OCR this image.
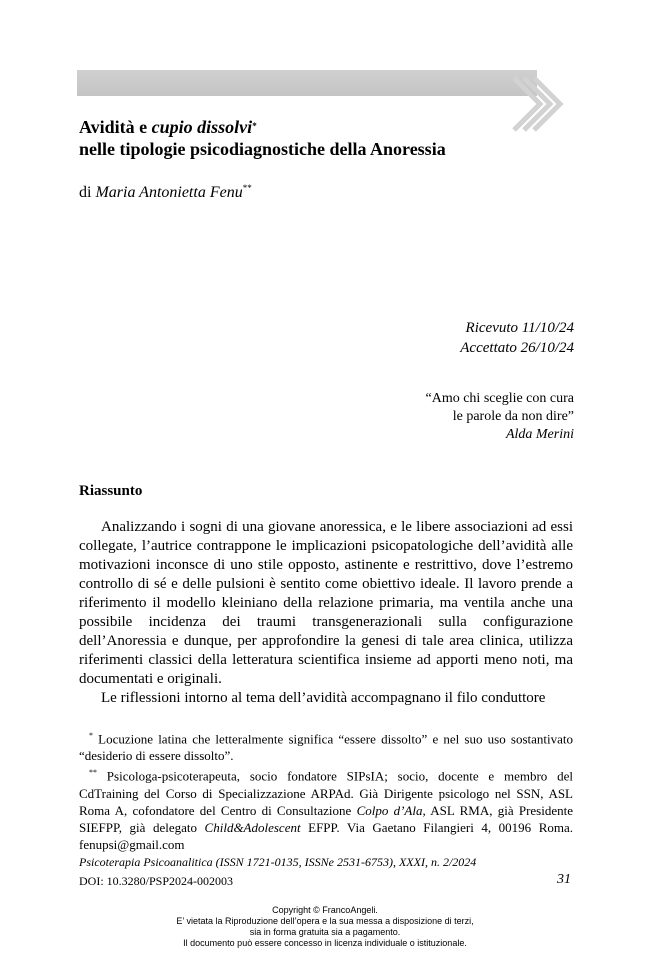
Avidità e cupio dissolvi*
nelle tipologie psicodiagnostiche della Anoressia
di Maria Antonietta Fenu**
Ricevuto 11/10/24
Accettato 26/10/24
“Amo chi sceglie con cura
le parole da non dire”
Alda Merini
Riassunto

Analizzando i sogni di una giovane anoressica, e le libere associazioni ad essi collegate, l’autrice contrappone le implicazioni psicopatologiche dell’avidità alle motivazioni inconsce di uno stile opposto, astinente e restrittivo, dove l’estremo controllo di sé e delle pulsioni è sentito come obiettivo ideale. Il lavoro prende a riferimento il modello kleiniano della relazione primaria, ma ventila anche una possibile incidenza dei traumi transgenerazionali sulla configurazione dell’Anoressia e dunque, per approfondire la genesi di tale area clinica, utilizza riferimenti classici della letteratura scientifica insieme ad apporti meno noti, ma documentati e originali.

Le riflessioni intorno al tema dell’avidità accompagnano il filo conduttore

* Locuzione latina che letteralmente significa “essere dissolto” e nel suo uso sostantivato “desiderio di essere dissolto”.

** Psicologa-psicoterapeuta, socio fondatore SIPsIA; socio, docente e membro del CdTraining del Corso di Specializzazione ARPAd. Già Dirigente psicologo nel SSN, ASL Roma A, cofondatore del Centro di Consultazione Colpo d’Ala, ASL RMA, già Presidente SIEFPP, già delegato Child&Adolescent EFPP. Via Gaetano Filangieri 4, 00196 Roma. fenupsi@gmail.com

Psicoterapia Psicoanalitica (ISSN 1721-0135, ISSNe 2531-6753), XXXI, n. 2/2024
DOI: 10.3280/PSP2024-002003	31
Copyright © FrancoAngeli.
E’ vietata la Riproduzione dell’opera e la sua messa a disposizione di terzi,
sia in forma gratuita sia a pagamento.
Il documento può essere concesso in licenza individuale o istituzionale.
